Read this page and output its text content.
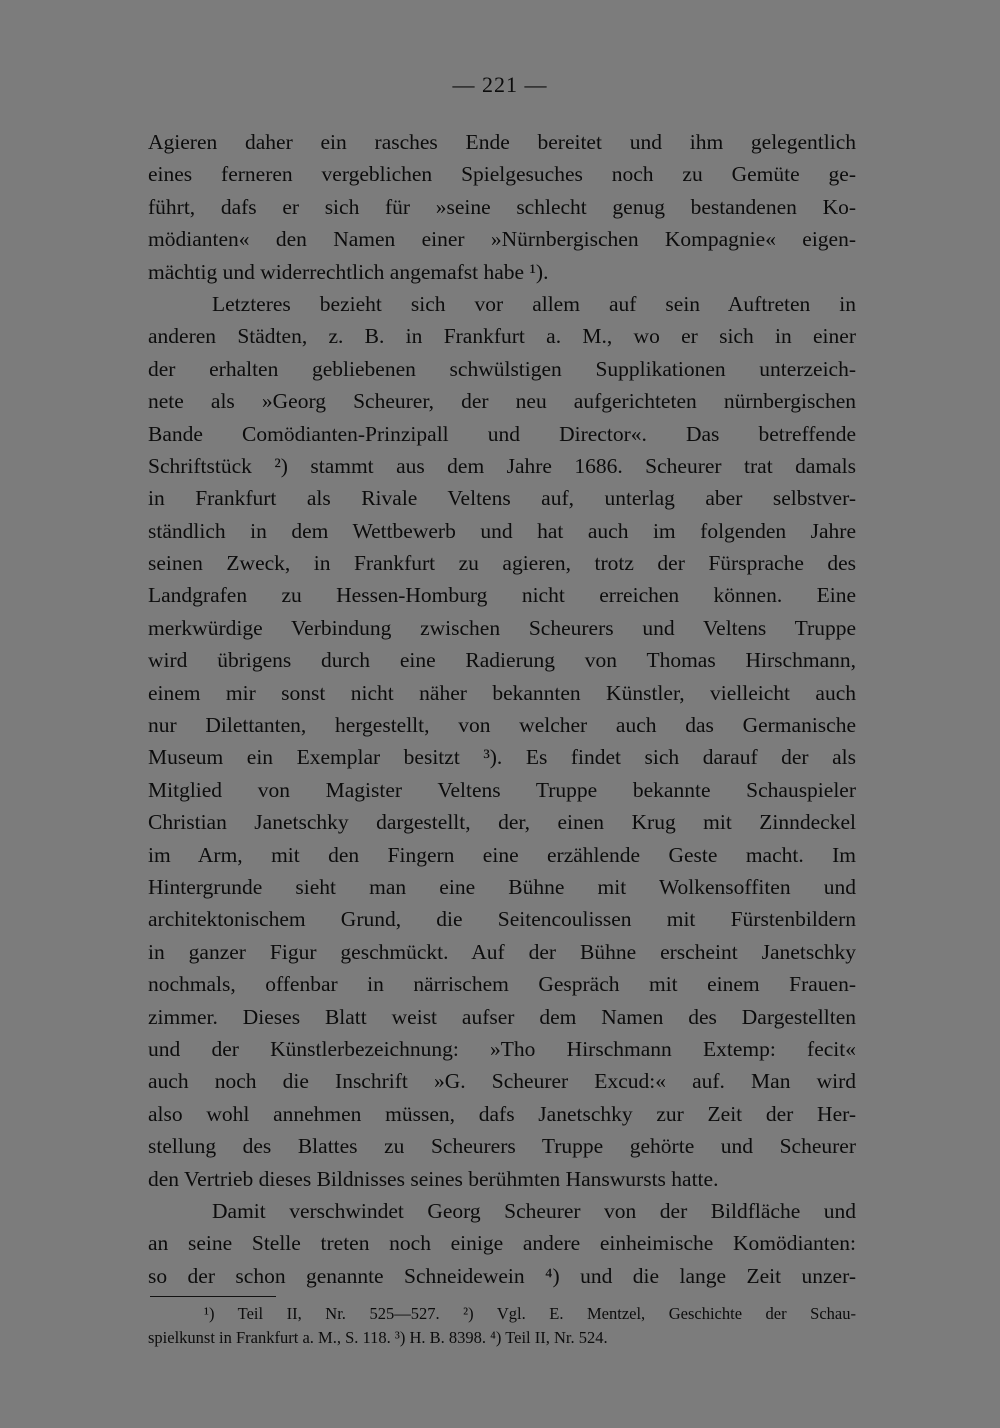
— 221 —
Agieren daher ein rasches Ende bereitet und ihm gelegentlich
eines ferneren vergeblichen Spielgesuches noch zu Gemüte ge-
führt, dafs er sich für »seine schlecht genug bestandenen Ko-
mödianten« den Namen einer »Nürnbergischen Kompagnie« eigen-
mächtig und widerrechtlich angemafst habe ¹).
Letzteres bezieht sich vor allem auf sein Auftreten in
anderen Städten, z. B. in Frankfurt a. M., wo er sich in einer
der erhalten gebliebenen schwülstigen Supplikationen unterzeich-
nete als »Georg Scheurer, der neu aufgerichteten nürnbergischen
Bande Comödianten-Prinzipall und Director«. Das betreffende
Schriftstück ²) stammt aus dem Jahre 1686. Scheurer trat damals
in Frankfurt als Rivale Veltens auf, unterlag aber selbstver-
ständlich in dem Wettbewerb und hat auch im folgenden Jahre
seinen Zweck, in Frankfurt zu agieren, trotz der Fürsprache des
Landgrafen zu Hessen-Homburg nicht erreichen können. Eine
merkwürdige Verbindung zwischen Scheurers und Veltens Truppe
wird übrigens durch eine Radierung von Thomas Hirschmann,
einem mir sonst nicht näher bekannten Künstler, vielleicht auch
nur Dilettanten, hergestellt, von welcher auch das Germanische
Museum ein Exemplar besitzt ³). Es findet sich darauf der als
Mitglied von Magister Veltens Truppe bekannte Schauspieler
Christian Janetschky dargestellt, der, einen Krug mit Zinndeckel
im Arm, mit den Fingern eine erzählende Geste macht. Im
Hintergrunde sieht man eine Bühne mit Wolkensoffiten und
architektonischem Grund, die Seitencoulissen mit Fürstenbildern
in ganzer Figur geschmückt. Auf der Bühne erscheint Janetschky
nochmals, offenbar in närrischem Gespräch mit einem Frauen-
zimmer. Dieses Blatt weist aufser dem Namen des Dargestellten
und der Künstlerbezeichnung: »Tho Hirschmann Extemp: fecit«
auch noch die Inschrift »G. Scheurer Excud:« auf. Man wird
also wohl annehmen müssen, dafs Janetschky zur Zeit der Her-
stellung des Blattes zu Scheurers Truppe gehörte und Scheurer
den Vertrieb dieses Bildnisses seines berühmten Hanswursts hatte.
Damit verschwindet Georg Scheurer von der Bildfläche und
an seine Stelle treten noch einige andere einheimische Komödianten:
so der schon genannte Schneidewein ⁴) und die lange Zeit unzer-
¹) Teil II, Nr. 525—527. ²) Vgl. E. Mentzel, Geschichte der Schau-
spielkunst in Frankfurt a. M., S. 118. ³) H. B. 8398. ⁴) Teil II, Nr. 524.
